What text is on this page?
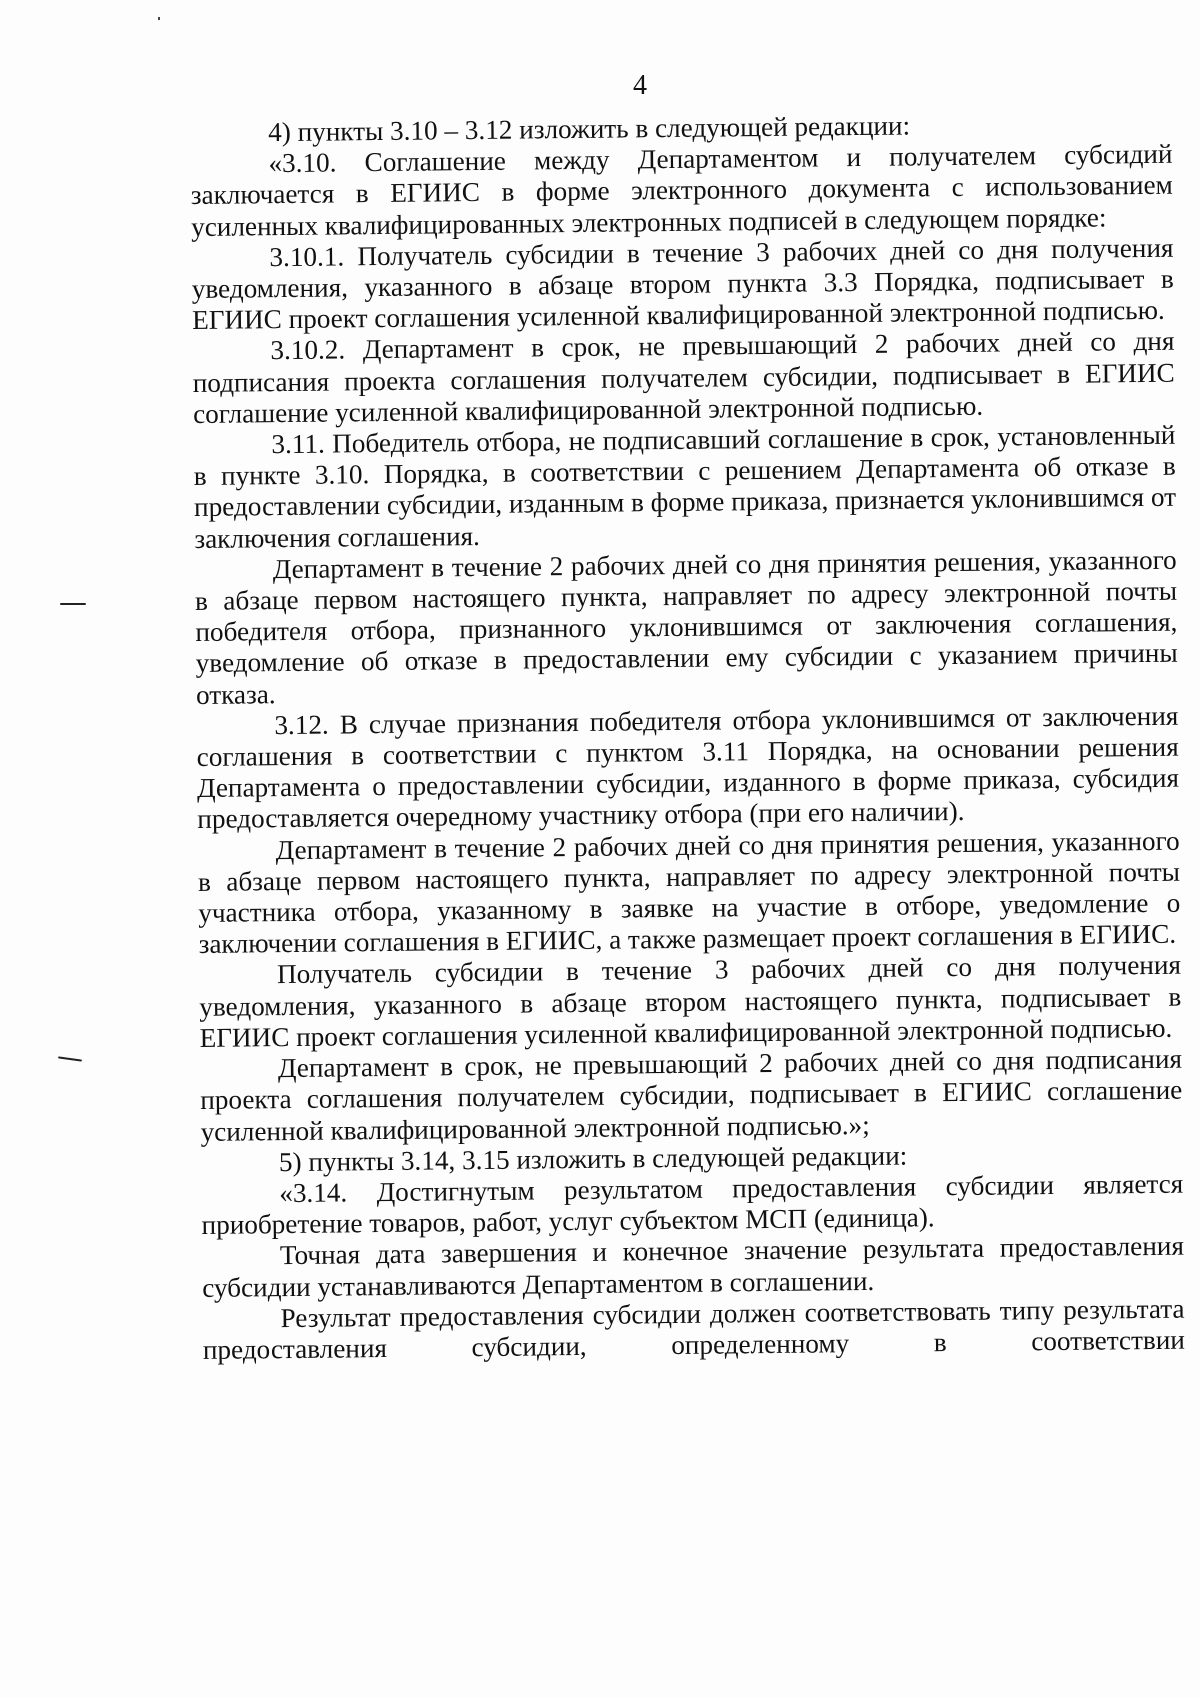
4

4) пункты 3.10 – 3.12 изложить в следующей редакции:

«3.10. Соглашение между Департаментом и получателем субсидий заключается в ЕГИИС в форме электронного документа с использованием усиленных квалифицированных электронных подписей в следующем порядке:

3.10.1. Получатель субсидии в течение 3 рабочих дней со дня получения уведомления, указанного в абзаце втором пункта 3.3 Порядка, подписывает в ЕГИИС проект соглашения усиленной квалифицированной электронной подписью.

3.10.2. Департамент в срок, не превышающий 2 рабочих дней со дня подписания проекта соглашения получателем субсидии, подписывает в ЕГИИС соглашение усиленной квалифицированной электронной подписью.

3.11. Победитель отбора, не подписавший соглашение в срок, установленный в пункте 3.10. Порядка, в соответствии с решением Департамента об отказе в предоставлении субсидии, изданным в форме приказа, признается уклонившимся от заключения соглашения.

Департамент в течение 2 рабочих дней со дня принятия решения, указанного в абзаце первом настоящего пункта, направляет по адресу электронной почты победителя отбора, признанного уклонившимся от заключения соглашения, уведомление об отказе в предоставлении ему субсидии с указанием причины отказа.

3.12. В случае признания победителя отбора уклонившимся от заключения соглашения в соответствии с пунктом 3.11 Порядка, на основании решения Департамента о предоставлении субсидии, изданного в форме приказа, субсидия предоставляется очередному участнику отбора (при его наличии).

Департамент в течение 2 рабочих дней со дня принятия решения, указанного в абзаце первом настоящего пункта, направляет по адресу электронной почты участника отбора, указанному в заявке на участие в отборе, уведомление о заключении соглашения в ЕГИИС, а также размещает проект соглашения в ЕГИИС.

Получатель субсидии в течение 3 рабочих дней со дня получения уведомления, указанного в абзаце втором настоящего пункта, подписывает в ЕГИИС проект соглашения усиленной квалифицированной электронной подписью.

Департамент в срок, не превышающий 2 рабочих дней со дня подписания проекта соглашения получателем субсидии, подписывает в ЕГИИС соглашение усиленной квалифицированной электронной подписью.»;

5) пункты 3.14, 3.15 изложить в следующей редакции:

«3.14. Достигнутым результатом предоставления субсидии является приобретение товаров, работ, услуг субъектом МСП (единица).

Точная дата завершения и конечное значение результата предоставления субсидии устанавливаются Департаментом в соглашении.

Результат предоставления субсидии должен соответствовать типу результата предоставления субсидии, определенному в соответствии
